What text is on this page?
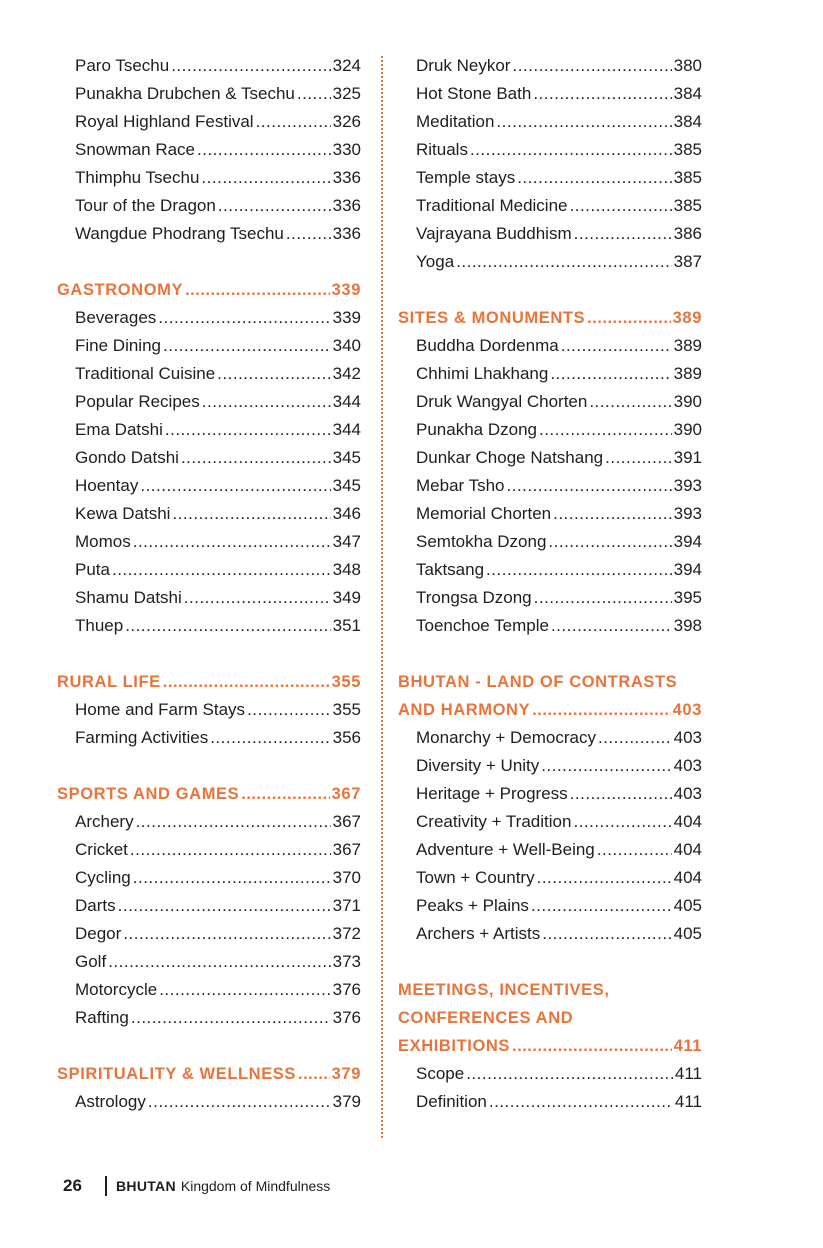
Paro Tsechu .....	324
Punakha Drubchen & Tsechu ..... 325
Royal Highland Festival .....	326
Snowman Race .....	330
Thimphu Tsechu .....	336
Tour of the Dragon .....	336
Wangdue Phodrang Tsechu .....	336
GASTRONOMY .....	339
Beverages .....	339
Fine Dining .....	340
Traditional Cuisine .....	342
Popular Recipes .....	344
Ema Datshi .....	344
Gondo Datshi .....	345
Hoentay .....	345
Kewa Datshi .....	346
Momos .....	347
Puta .....	348
Shamu Datshi .....	349
Thuep .....	351
RURAL LIFE .....	355
Home and Farm Stays .....	355
Farming Activities .....	356
SPORTS AND GAMES .....	367
Archery .....	367
Cricket .....	367
Cycling .....	370
Darts .....	371
Degor .....	372
Golf .....	373
Motorcycle .....	376
Rafting .....	376
SPIRITUALITY & WELLNESS ..... 379
Astrology .....	379
Druk Neykor .....	380
Hot Stone Bath .....	384
Meditation .....	384
Rituals .....	385
Temple stays .....	385
Traditional Medicine .....	385
Vajrayana Buddhism .....	386
Yoga .....	387
SITES & MONUMENTS .....	389
Buddha Dordenma .....	389
Chhimi Lhakhang .....	389
Druk Wangyal Chorten .....	390
Punakha Dzong .....	390
Dunkar Choge Natshang .....	391
Mebar Tsho .....	393
Memorial Chorten .....	393
Semtokha Dzong .....	394
Taktsang .....	394
Trongsa Dzong .....	395
Toenchoe Temple .....	398
BHUTAN - LAND OF CONTRASTS
AND HARMONY .....	403
Monarchy + Democracy .....	403
Diversity + Unity .....	403
Heritage + Progress .....	403
Creativity + Tradition .....	404
Adventure + Well-Being .....	404
Town + Country .....	404
Peaks + Plains .....	405
Archers + Artists .....	405
MEETINGS, INCENTIVES,
CONFERENCES AND
EXHIBITIONS .....	411
Scope .....	411
Definition .....	411
26	BHUTAN Kingdom of Mindfulness
